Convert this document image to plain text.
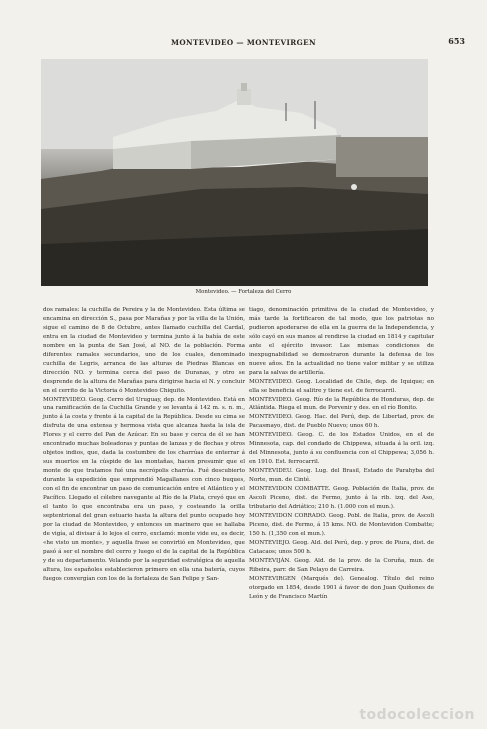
MONTEVIDEO — MONTEVIRGEN	653
Montevideo. — Fortaleza del Cerro

dos ramales: la cuchilla de Pereira y la de Montevideo. Esta última se encamina en dirección S., pasa por Marañas y por la villa de la Unión, sigue el camino de 8 de Octubre, antes llamado cuchilla del Cardal, entra en la ciudad de Montevideo y termina junto á la bahía de este nombre en la punta de San José, al NO. de la población. Forma diferentes ramales secundarios, uno de los cuales, denominado cuchilla de Legris, arranca de las alturas de Piedras Blancas en dirección NO. y termina cerca del paso de Duranas, y otro se desprende de la altura de Marañas para dirigirse hacia el N. y concluir en el cerrito de la Victoria ó Montevideo Chiquito.

MONTEVIDEO. Geog. Cerro del Uruguay, dep. de Montevideo. Está en una ramificación de la Cuchilla Grande y se levanta á 142 m. s. n. m., junto á la costa y frente á la capital de la República. Desde su cima se disfruta de una extensa y hermosa vista que alcanza hasta la isla de Flores y el cerro del Pan de Azúcar. En su base y cerca de él se han encontrado muchas boleadoras y puntas de lanzas y de flechas y otros objetos indios, que, dada la costumbre de los charrúas de enterrar á sus muertos en la cúspide de las montañas, hacen presumir que el monte de que tratamos fué una necrópolis charrúa. Fué descubierto durante la expedición que emprendió Magallanes con cinco buques, con el fin de encontrar un paso de comunicación entre el Atlántico y el Pacífico. Llegado el célebre navegante al Río de la Plata, creyó que en el tanto lo que encontraba era un paso, y costeando la orilla septentrional del gran estuario hasta la altura del punto ocupado hoy por la ciudad de Montevideo, y entonces un marinero que se hallaba de vigía, al divisar á lo lejos el cerro, exclamó: monte vide eu, es decir, «he visto un monte», y aquella frase se convirtió en Montevideo, que pasó á ser el nombre del cerro y luego el de la capital de la República y de su departamento. Velando por la seguridad estratégica de aquella altura, los españoles establecieron primero en ella una batería, cuyos fuegos convergían con los de la fortaleza de San Felipe y San-

tiago, denominación primitiva de la ciudad de Montevideo, y más tarde la fortificaron de tal modo, que los patriotas no pudieron apoderarse de ella en la guerra de la Independencia, y sólo cayó en sus manos al rendirse la ciudad en 1814 y capitular ante el ejército invasor. Las mismas condiciones de inexpugnabilidad se demostraron durante la defensa de los nueve años. En la actualidad no tiene valor militar y se utiliza para la salvas de artillería.

MONTEVIDEO. Geog. Localidad de Chile, dep. de Iquique; en ella se beneficia el salitre y tiene est. de ferrocarril.

MONTEVIDEO. Geog. Río de la República de Honduras, dep. de Atlántida. Riega el mun. de Porvenir y des. en el río Bonito.

MONTEVIDEO. Geog. Hac. del Perú, dep. de Libertad, prov. de Pacasmayo, dist. de Pueblo Nuevo; unos 60 h.

MONTEVIDEO. Geog. C. de los Estados Unidos, en el de Minnesota, cap. del condado de Chippewa, situada á la oril. izq. del Minnesota, junto á su confluencia con el Chippewa; 3,056 h. en 1910. Est. ferrocarril.

MONTEVIDEU. Geog. Lug. del Brasil, Estado de Parahyba del Norte, mun. de Cinté.

MONTEVIDON COMBATTE. Geog. Población de Italia, prov. de Ascoli Piceno, dist. de Fermo, junto á la rib. izq. del Aso, tributario del Adriático; 210 h. (1.000 con el mun.).

MONTEVIDON CORRADO. Geog. Pobl. de Italia, prov. de Ascoli Piceno, dist. de Fermo, á 15 kms. NO. de Montevidon Combatte; 150 h. (1,350 con el mun.).

MONTEVIEJO. Geog. Ald. del Perú, dep. y prov. de Piura, dist. de Catacaos; unos 500 h.

MONTEVIJÁN. Geog. Ald. de la prov. de la Coruña, mun. de Ribeira, parr. de San Pelayo de Carreira.

MONTEVIRGEN (Marqués de). Genealog. Título del reino otorgado en 1854, desde 1901 á favor de don Juan Quiñones de León y de Francisco Martín

todocoleccion
